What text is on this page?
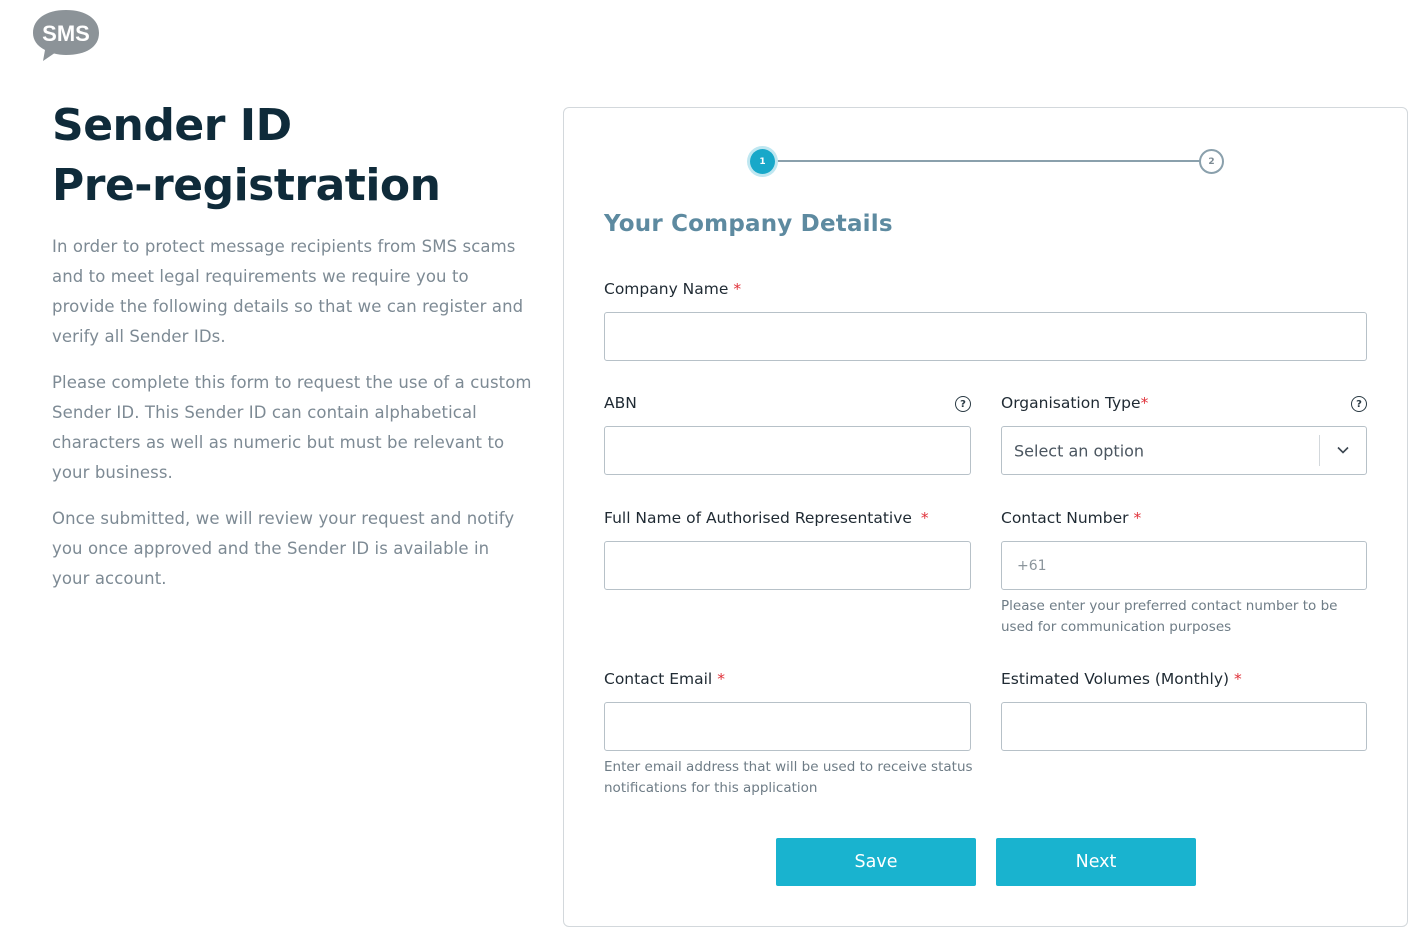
SMS
Sender ID
Pre-registration

In order to protect message recipients from SMS scams and to meet legal requirements we require you to provide the following details so that we can register and verify all Sender IDs.

Please complete this form to request the use of a custom Sender ID. This Sender ID can contain alphabetical characters as well as numeric but must be relevant to your business.

Once submitted, we will review your request and notify you once approved and the Sender ID is available in your account.

1	2
Your Company Details
Company Name *
ABN	?	Organisation Type*	?
Select an option
Full Name of Authorised Representative *	Contact Number *
+61
Please enter your preferred contact number to be used for communication purposes
Contact Email *
Enter email address that will be used to receive status notifications for this application
Estimated Volumes (Monthly) *
Save	Next
